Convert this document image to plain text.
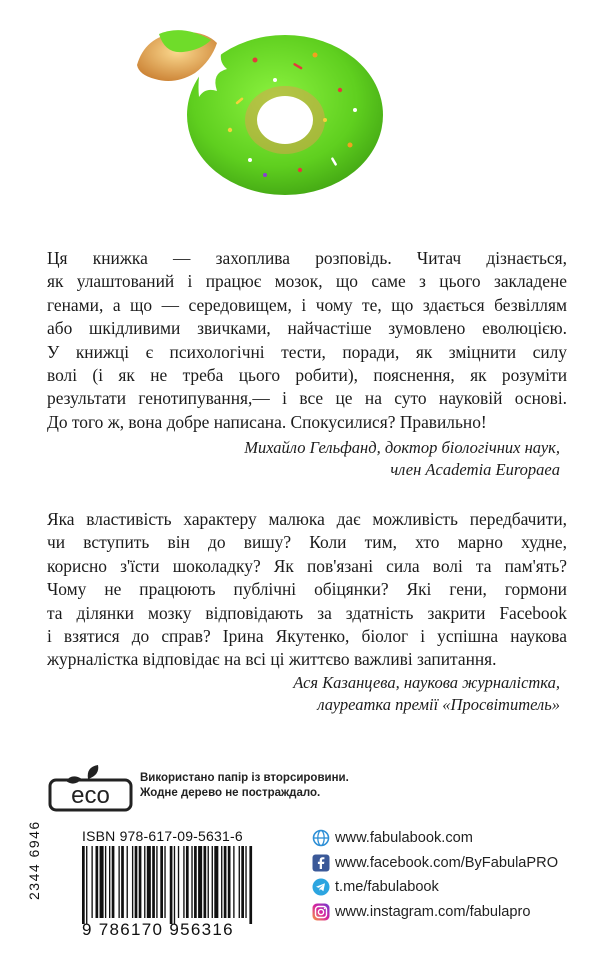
Ця книжка — захоплива розповідь. Читач дізнається,
як улаштований і працює мозок, що саме з цього закладене
генами, а що — середовищем, і чому те, що здається безвіллям
або шкідливими звичками, найчастіше зумовлено еволюцією.
У книжці є психологічні тести, поради, як зміцнити силу
волі (і як не треба цього робити), пояснення, як розуміти
результати генотипування,— і все це на суто науковій основі.
До того ж, вона добре написана. Спокусилися? Правильно!
Михайло Гельфанд, доктор біологічних наук,
член Academia Europaea
Яка властивість характеру малюка дає можливість передбачити,
чи вступить він до вишу? Коли тим, хто марно худне,
корисно з'їсти шоколадку? Як пов'язані сила волі та пам'ять?
Чому не працюють публічні обіцянки? Які гени, гормони
та ділянки мозку відповідають за здатність закрити Facebook
і взятися до справ? Ірина Якутенко, біолог і успішна наукова
журналістка відповідає на всі ці життєво важливі запитання.
Ася Казанцева, наукова журналістка,
лауреатка премії «Просвітитель»
eco
Використано папір із вторсировини.
Жодне дерево не постраждало.
2344 6946	ISBN 978-617-09-5631-6
9 786170 956316
www.fabulabook.com
www.facebook.com/ByFabulaPRO
t.me/fabulabook
www.instagram.com/fabulapro
